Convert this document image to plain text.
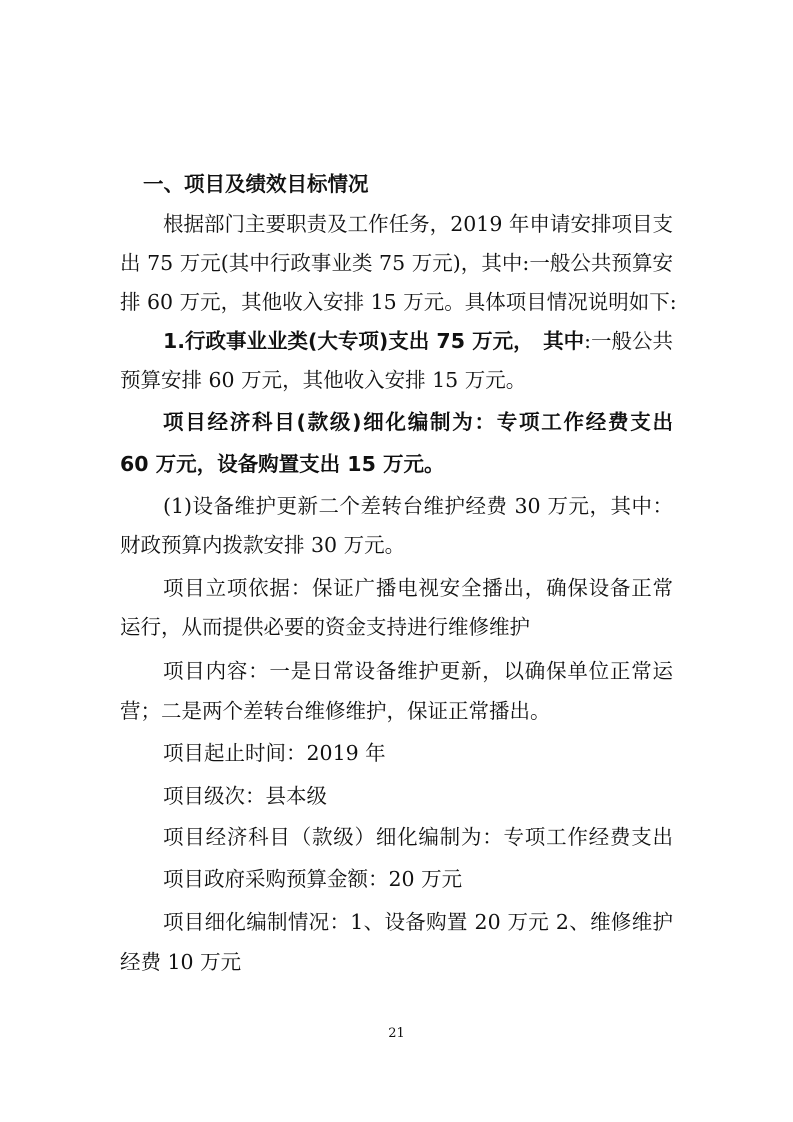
一、项目及绩效目标情况
根据部门主要职责及工作任务，2019 年申请安排项目支
出 75 万元(其中行政事业类 75 万元)，其中:一般公共预算安
排 60 万元，其他收入安排 15 万元。具体项目情况说明如下:
1.行政事业业类(大专项)支出 75 万元， 其中:一般公共
预算安排 60 万元，其他收入安排 15 万元。
项目经济科目(款级)细化编制为：专项工作经费支出
60 万元，设备购置支出 15 万元。
(1)设备维护更新二个差转台维护经费 30 万元，其中：
财政预算内拨款安排 30 万元。
项目立项依据：保证广播电视安全播出，确保设备正常
运行，从而提供必要的资金支持进行维修维护
项目内容：一是日常设备维护更新，以确保单位正常运
营；二是两个差转台维修维护，保证正常播出。
项目起止时间：2019 年
项目级次：县本级
项目经济科目（款级）细化编制为：专项工作经费支出
项目政府采购预算金额：20 万元
项目细化编制情况：1、设备购置 20 万元 2、维修维护
经费 10 万元
21
